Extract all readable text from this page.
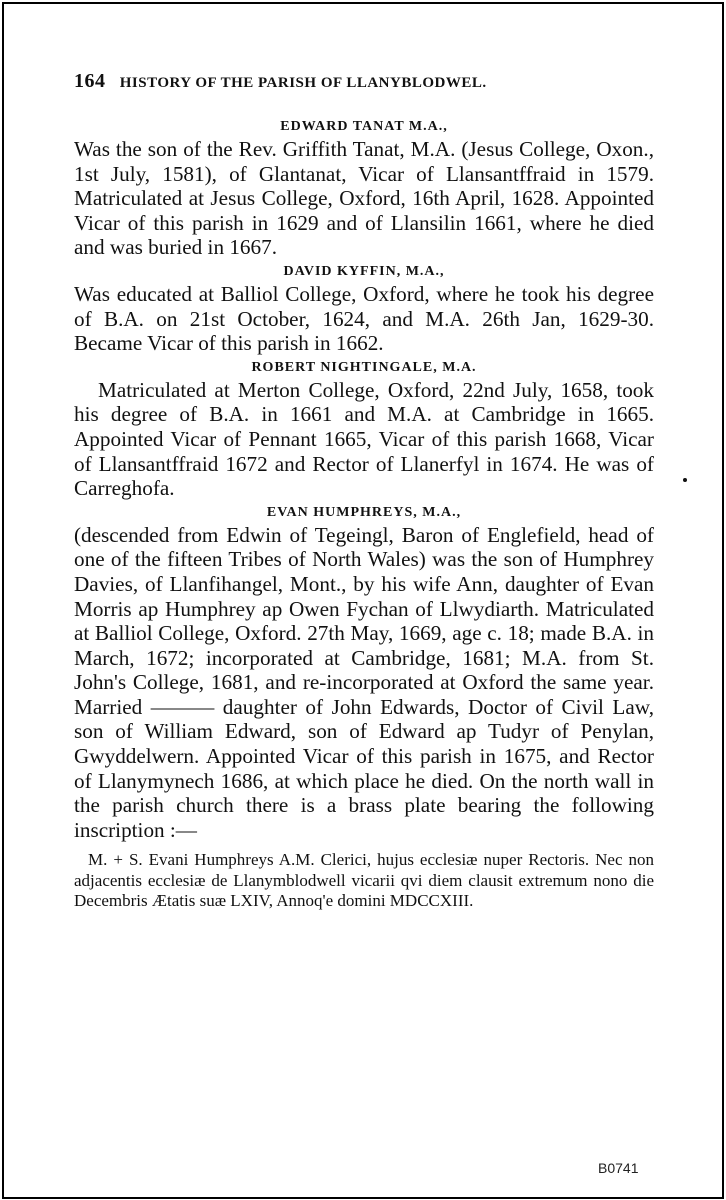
164 HISTORY OF THE PARISH OF LLANYBLODWEL.
EDWARD TANAT M.A.,

Was the son of the Rev. Griffith Tanat, M.A. (Jesus College, Oxon., 1st July, 1581), of Glantanat, Vicar of Llansantffraid in 1579. Matriculated at Jesus College, Oxford, 16th April, 1628. Appointed Vicar of this parish in 1629 and of Llansilin 1661, where he died and was buried in 1667.

DAVID KYFFIN, M.A.,

Was educated at Balliol College, Oxford, where he took his degree of B.A. on 21st October, 1624, and M.A. 26th Jan, 1629-30. Became Vicar of this parish in 1662.

ROBERT NIGHTINGALE, M.A.

Matriculated at Merton College, Oxford, 22nd July, 1658, took his degree of B.A. in 1661 and M.A. at Cambridge in 1665. Appointed Vicar of Pennant 1665, Vicar of this parish 1668, Vicar of Llansantffraid 1672 and Rector of Llanerfyl in 1674. He was of Carreghofa.

EVAN HUMPHREYS, M.A.,

(descended from Edwin of Tegeingl, Baron of Englefield, head of one of the fifteen Tribes of North Wales) was the son of Humphrey Davies, of Llanfihangel, Mont., by his wife Ann, daughter of Evan Morris ap Humphrey ap Owen Fychan of Llwydiarth. Matriculated at Balliol College, Oxford. 27th May, 1669, age c. 18; made B.A. in March, 1672; incorporated at Cambridge, 1681; M.A. from St. John's College, 1681, and re-incorporated at Oxford the same year. Married ——— daughter of John Edwards, Doctor of Civil Law, son of William Edward, son of Edward ap Tudyr of Penylan, Gwyddelwern. Appointed Vicar of this parish in 1675, and Rector of Llanymynech 1686, at which place he died. On the north wall in the parish church there is a brass plate bearing the following inscription :—

M. + S. Evani Humphreys A.M. Clerici, hujus ecclesiæ nuper Rectoris. Nec non adjacentis ecclesiæ de Llanymblodwell vicarii qvi diem clausit extremum nono die Decembris Ætatis suæ LXIV, Annoq'e domini MDCCXIII.

B0741
